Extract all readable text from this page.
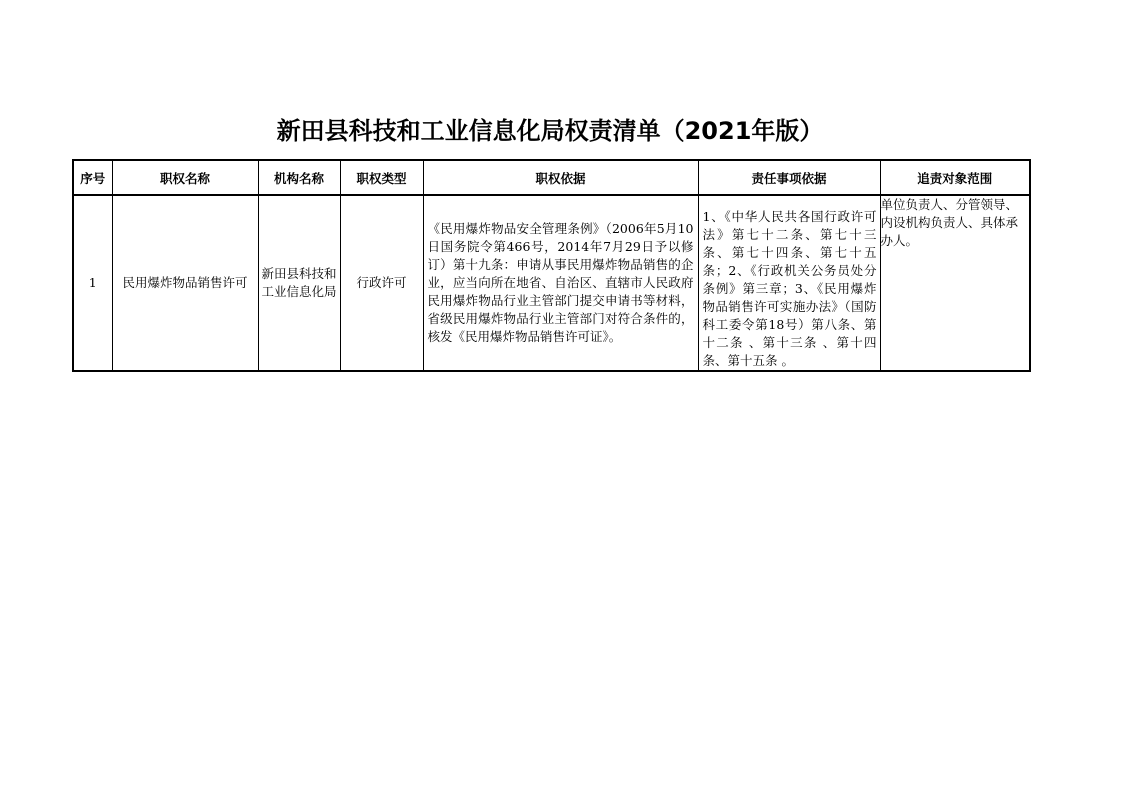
新田县科技和工业信息化局权责清单（2021年版）
序号	职权名称	机构名称	职权类型	职权依据	责任事项依据	追责对象范围
1	民用爆炸物品销售许可	新田县科技和工业信息化局	行政许可	《民用爆炸物品安全管理条例》（2006年5月10日国务院令第466号，2014年7月29日予以修订）第十九条：申请从事民用爆炸物品销售的企业，应当向所在地省、自治区、直辖市人民政府民用爆炸物品行业主管部门提交申请书等材料，省级民用爆炸物品行业主管部门对符合条件的，核发《民用爆炸物品销售许可证》。	1、《中华人民共各国行政许可法》第七十二条、第七十三条、第七十四条、第七十五条；2、《行政机关公务员处分条例》第三章；3、《民用爆炸物品销售许可实施办法》（国防科工委令第18号）第八条、第十二条 、第十三条 、第十四条、第十五条 。	单位负责人、分管领导、内设机构负责人、具体承办人。
